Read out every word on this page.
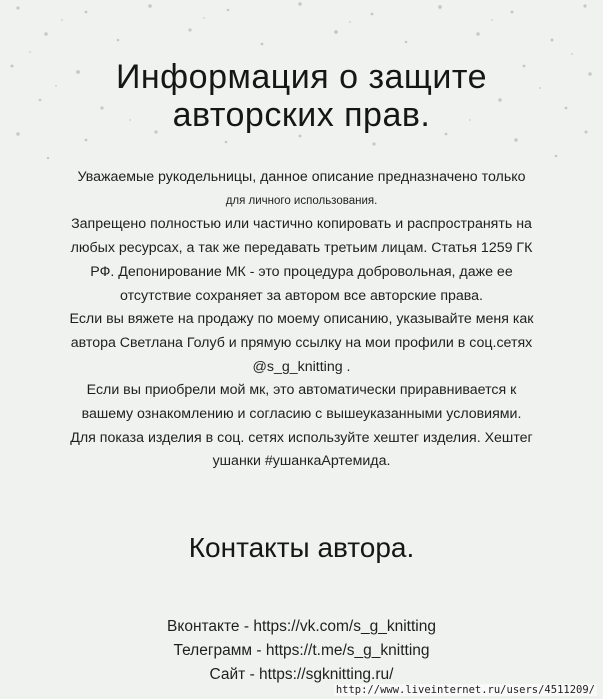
Информация о защите
авторских прав.

Уважаемые рукодельницы, данное описание предназначено только

для личного использования.

Запрещено полностью или частично копировать и распространять на

любых ресурсах, а так же передавать третьим лицам. Статья 1259 ГК

РФ. Депонирование МК - это процедура добровольная, даже ее

отсутствие сохраняет за автором все авторские права.

Если вы вяжете на продажу по моему описанию, указывайте меня как

автора Светлана Голуб и прямую ссылку на мои профили в соц.сетях

@s_g_knitting .

Если вы приобрели мой мк, это автоматически приравнивается к

вашему ознакомлению и согласию с вышеуказанными условиями.

Для показа изделия в соц. сетях используйте хештег изделия. Хештег

ушанки #ушанкаАртемида.

Контакты автора.
Вконтакте - https://vk.com/s_g_knitting
Телеграмм - https://t.me/s_g_knitting
Сайт - https://sgknitting.ru/
http://www.liveinternet.ru/users/4511209/
